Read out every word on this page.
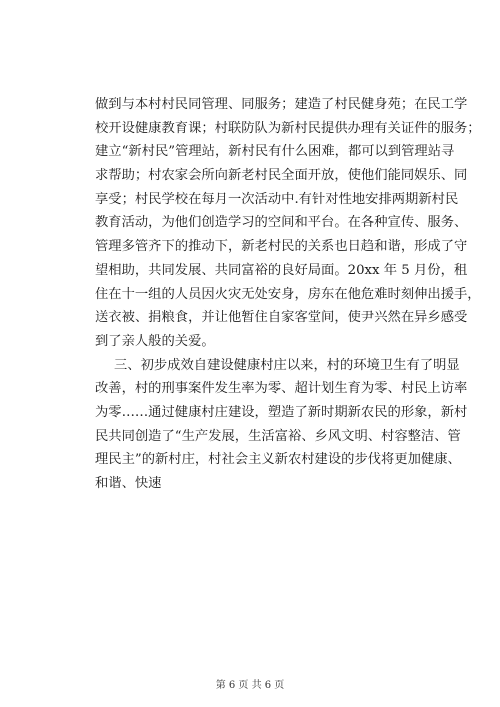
做到与本村村民同管理、同服务；建造了村民健身苑；在民工学
校开设健康教育课；村联防队为新村民提供办理有关证件的服务；
建立“新村民”管理站，新村民有什么困难，都可以到管理站寻
求帮助；村农家会所向新老村民全面开放，使他们能同娱乐、同
享受；村民学校在每月一次活动中.有针对性地安排两期新村民
教育活动，为他们创造学习的空间和平台。在各种宣传、服务、
管理多管齐下的推动下，新老村民的关系也日趋和谐，形成了守
望相助，共同发展、共同富裕的良好局面。20xx 年 5 月份，租
住在十一组的人员因火灾无处安身，房东在他危难时刻伸出援手，
送衣被、捐粮食，并让他暂住自家客堂间，使尹兴然在异乡感受
到了亲人般的关爱。
三、初步成效自建设健康村庄以来，村的环境卫生有了明显
改善，村的刑事案件发生率为零、超计划生育为零、村民上访率
为零……通过健康村庄建设，塑造了新时期新农民的形象，新村
民共同创造了“生产发展，生活富裕、乡风文明、村容整洁、管
理民主”的新村庄，村社会主义新农村建设的步伐将更加健康、
和谐、快速
第 6 页 共 6 页
